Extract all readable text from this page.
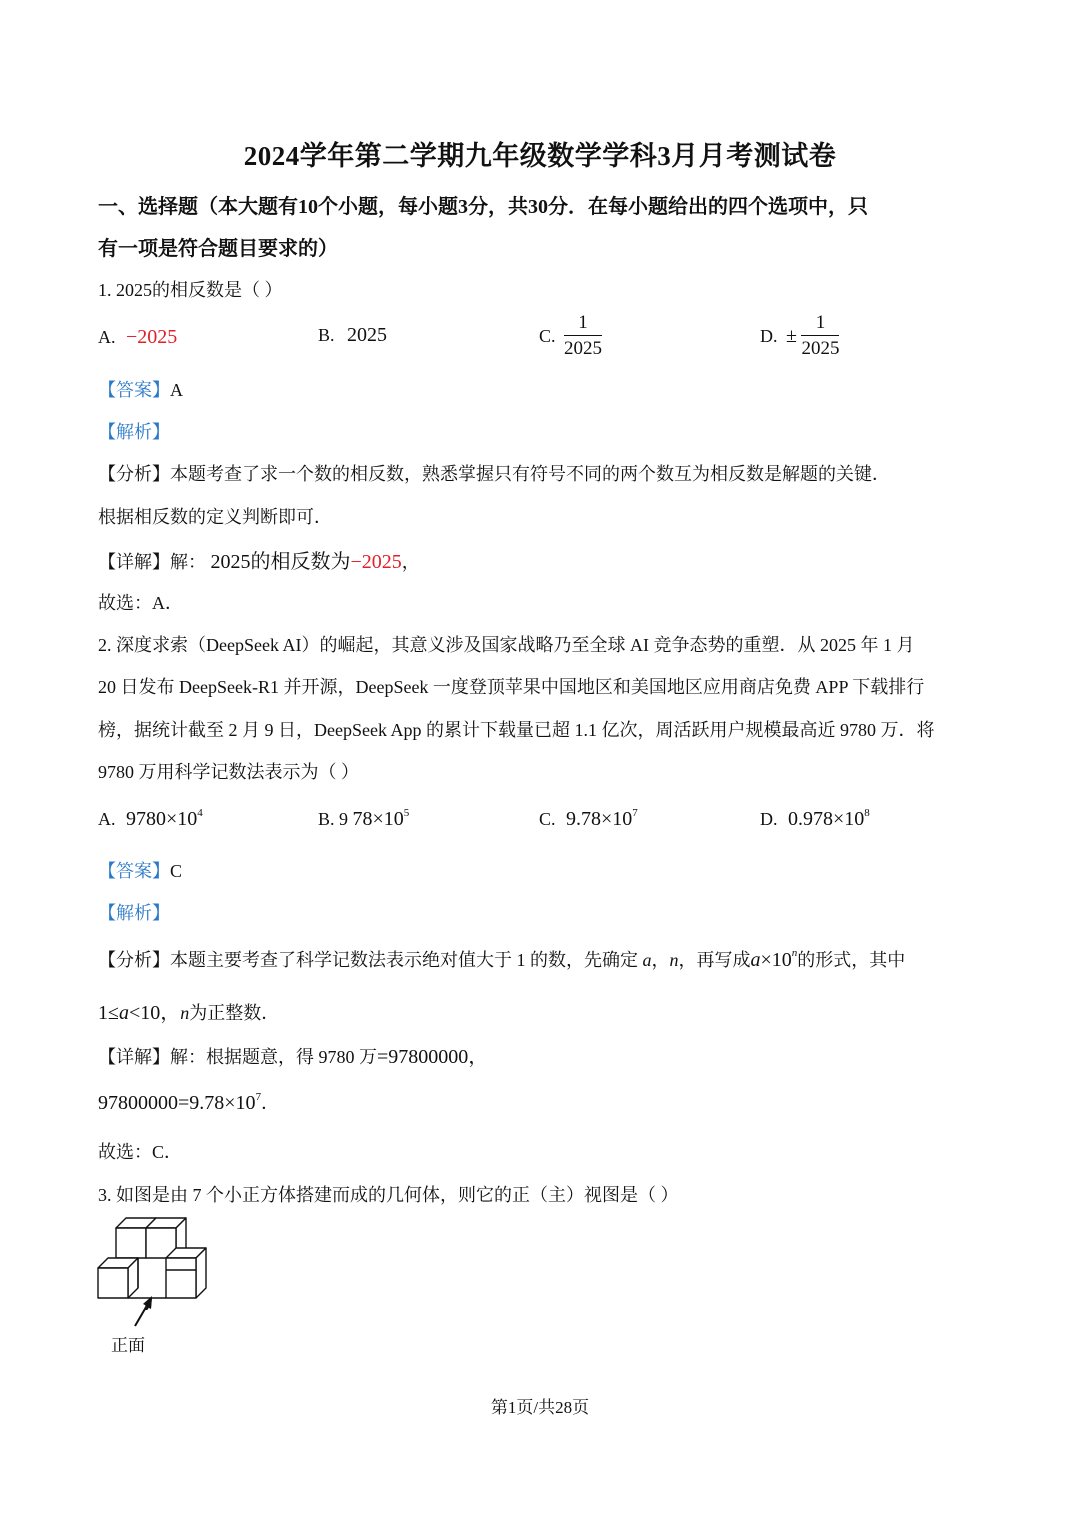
2024学年第二学期九年级数学学科3月月考测试卷
一、选择题（本大题有10个小题，每小题3分，共30分．在每小题给出的四个选项中，只
有一项是符合题目要求的）
1. 2025的相反数是（ ）
A. −2025	B. 2025	C. $\frac{1}{2025}$	D. ± $\frac{1}{2025}$
【答案】A
【解析】
【分析】本题考查了求一个数的相反数，熟悉掌握只有符号不同的两个数互为相反数是解题的关键．
根据相反数的定义判断即可．
【详解】解： 2025的相反数为−2025，
故选：A．
2. 深度求索（DeepSeek AI）的崛起，其意义涉及国家战略乃至全球 AI 竞争态势的重塑．从 2025 年 1 月
20 日发布 DeepSeek-R1 并开源，DeepSeek 一度登顶苹果中国地区和美国地区应用商店免费 APP 下载排行
榜，据统计截至 2 月 9 日，DeepSeek App 的累计下载量已超 1.1 亿次，周活跃用户规模最高近 9780 万．将
9780 万用科学记数法表示为（ ）
A. $9780\times 10^4$	B. 9 $78\times 10^5$	C. $9.78\times 10^7$	D. $0.978\times 10^8$
【答案】C
【解析】
【分析】本题主要考查了科学记数法表示绝对值大于 1 的数，先确定 a，n，再写成$a\times 10^n$的形式，其中
1≤a<10，n为正整数．
【详解】解：根据题意，得 9780 万=97800000，
$97800000=9.78\times 10^7$．
故选：C．
3. 如图是由 7 个小正方体搭建而成的几何体，则它的正（主）视图是（ ）
正面
第1页/共28页
